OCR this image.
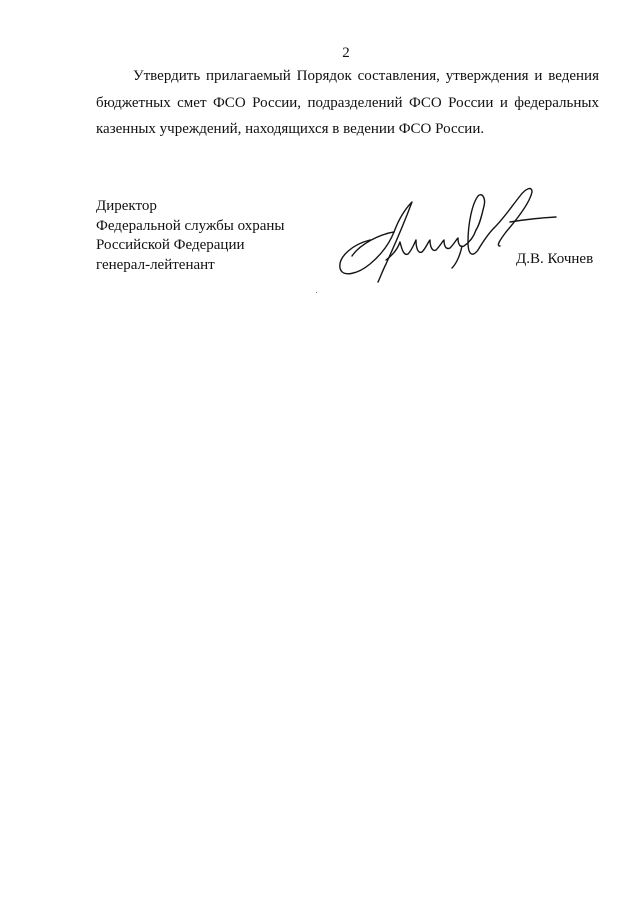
2
Утвердить прилагаемый Порядок составления, утверждения и ведения
бюджетных смет ФСО России, подразделений ФСО России и федеральных
казенных учреждений, находящихся в ведении ФСО России.
Директор
Федеральной службы охраны
Российской Федерации
генерал-лейтенант	Д.В. Кочнев
